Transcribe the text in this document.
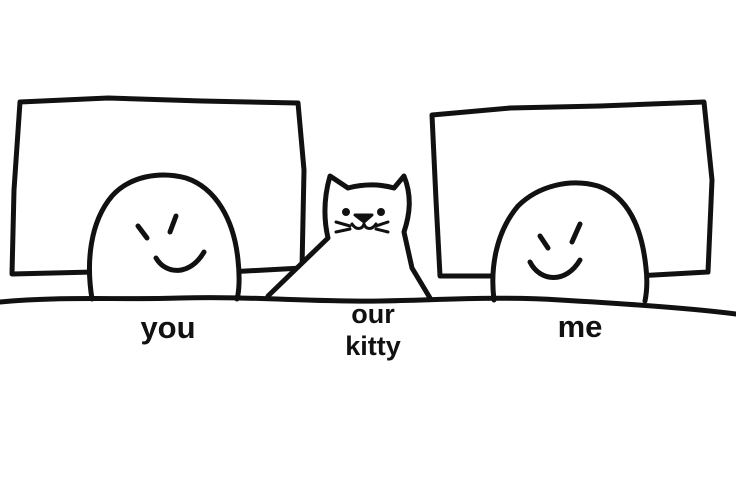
you	our
kitty
me
